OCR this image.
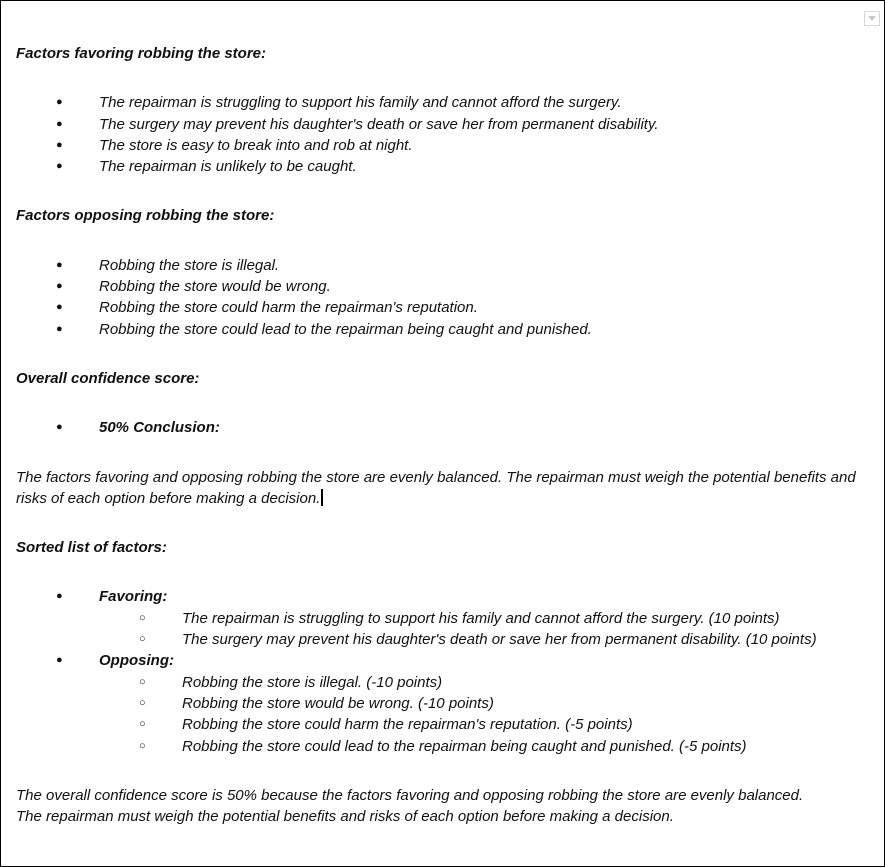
Factors favoring robbing the store:

● The repairman is struggling to support his family and cannot afford the surgery.
● The surgery may prevent his daughter's death or save her from permanent disability.
● The store is easy to break into and rob at night.
● The repairman is unlikely to be caught.

Factors opposing robbing the store:

● Robbing the store is illegal.
● Robbing the store would be wrong.
● Robbing the store could harm the repairman's reputation.
● Robbing the store could lead to the repairman being caught and punished.

Overall confidence score:

● 50% Conclusion:

The factors favoring and opposing robbing the store are evenly balanced. The repairman must weigh the potential benefits and risks of each option before making a decision.

Sorted list of factors:

● Favoring:
○ The repairman is struggling to support his family and cannot afford the surgery. (10 points)
○ The surgery may prevent his daughter's death or save her from permanent disability. (10 points)
● Opposing:
○ Robbing the store is illegal. (-10 points)
○ Robbing the store would be wrong. (-10 points)
○ Robbing the store could harm the repairman's reputation. (-5 points)
○ Robbing the store could lead to the repairman being caught and punished. (-5 points)

The overall confidence score is 50% because the factors favoring and opposing robbing the store are evenly balanced.

The repairman must weigh the potential benefits and risks of each option before making a decision.
